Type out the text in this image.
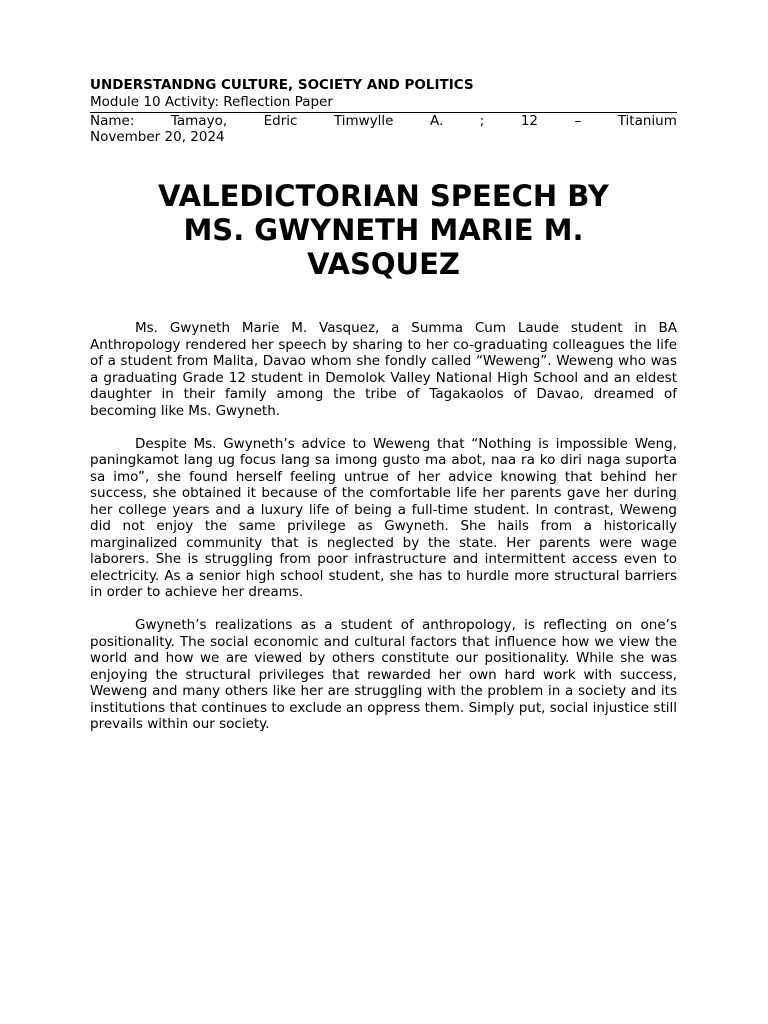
UNDERSTANDNG CULTURE, SOCIETY AND POLITICS

Module 10 Activity: Reflection Paper

Name:	Tamayo,	Edric	Timwylle	A.	;	12	–	Titanium

November 20, 2024

VALEDICTORIAN SPEECH BY MS. GWYNETH MARIE M. VASQUEZ

Ms. Gwyneth Marie M. Vasquez, a Summa Cum Laude student in BA Anthropology rendered her speech by sharing to her co-graduating colleagues the life of a student from Malita, Davao whom she fondly called “Weweng”. Weweng who was a graduating Grade 12 student in Demolok Valley National High School and an eldest daughter in their family among the tribe of Tagakaolos of Davao, dreamed of becoming like Ms. Gwyneth.

Despite Ms. Gwyneth’s advice to Weweng that “Nothing is impossible Weng, paningkamot lang ug focus lang sa imong gusto ma abot, naa ra ko diri naga suporta sa imo”, she found herself feeling untrue of her advice knowing that behind her success, she obtained it because of the comfortable life her parents gave her during her college years and a luxury life of being a full-time student. In contrast, Weweng did not enjoy the same privilege as Gwyneth. She hails from a historically marginalized community that is neglected by the state. Her parents were wage laborers. She is struggling from poor infrastructure and intermittent access even to electricity. As a senior high school student, she has to hurdle more structural barriers in order to achieve her dreams.

Gwyneth’s realizations as a student of anthropology, is reflecting on one’s positionality. The social economic and cultural factors that influence how we view the world and how we are viewed by others constitute our positionality. While she was enjoying the structural privileges that rewarded her own hard work with success, Weweng and many others like her are struggling with the problem in a society and its institutions that continues to exclude an oppress them. Simply put, social injustice still prevails within our society.
